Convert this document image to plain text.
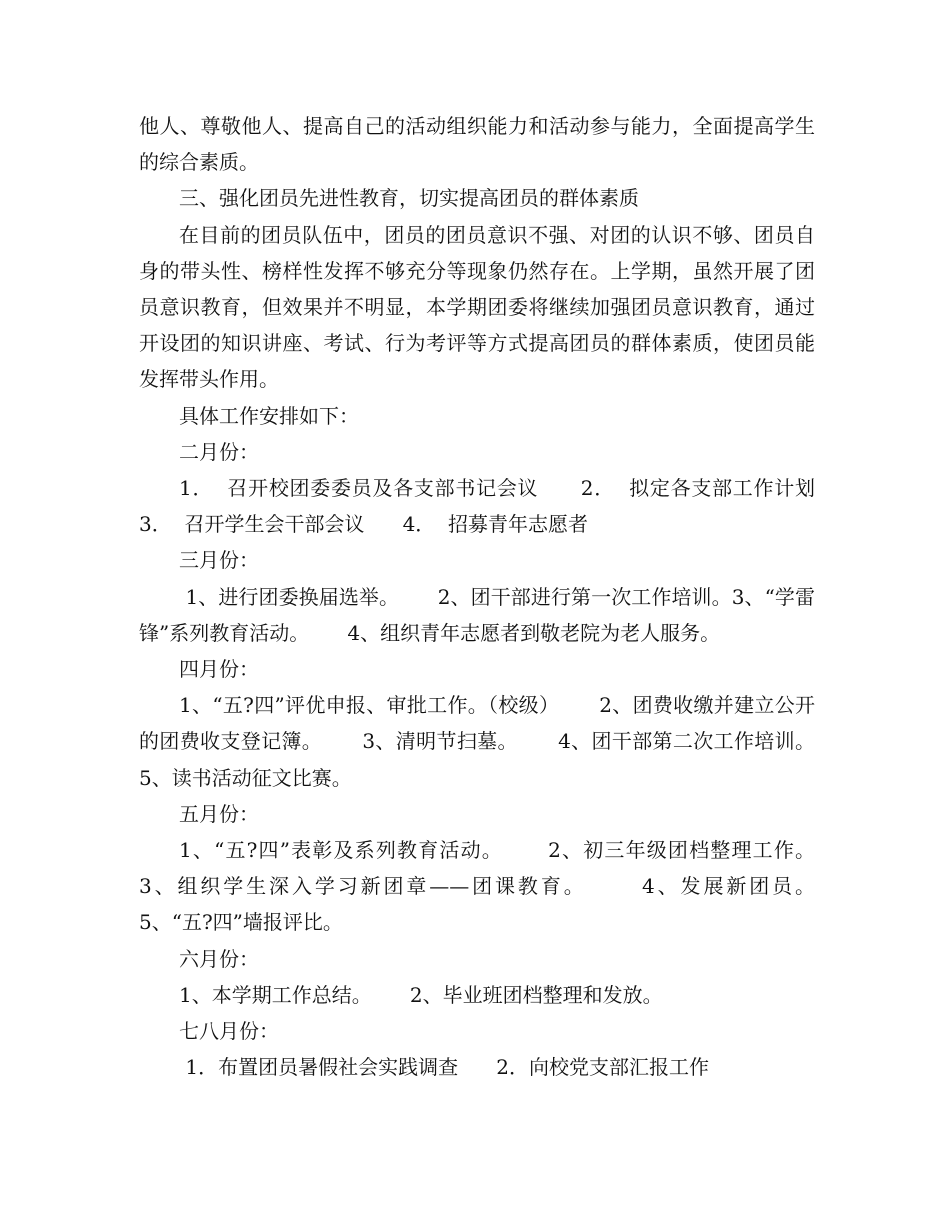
他人、尊敬他人、提高自己的活动组织能力和活动参与能力，全面提高学生的综合素质。

三、强化团员先进性教育，切实提高团员的群体素质

在目前的团员队伍中，团员的团员意识不强、对团的认识不够、团员自身的带头性、榜样性发挥不够充分等现象仍然存在。上学期，虽然开展了团员意识教育，但效果并不明显，本学期团委将继续加强团员意识教育，通过开设团的知识讲座、考试、行为考评等方式提高团员的群体素质，使团员能发挥带头作用。

具体工作安排如下：

二月份：

1．  召开校团委委员及各支部书记会议      2．  拟定各支部工作计划      3．  召开学生会干部会议      4．  招募青年志愿者

三月份：

1、进行团委换届选举。      2、团干部进行第一次工作培训。3、“学雷锋”系列教育活动。      4、组织青年志愿者到敬老院为老人服务。

四月份：

1、“五?四”评优申报、审批工作。（校级）      2、团费收缴并建立公开的团费收支登记簿。      3、清明节扫墓。      4、团干部第二次工作培训。      5、读书活动征文比赛。

五月份：

1、“五?四”表彰及系列教育活动。      2、初三年级团档整理工作。      3、组织学生深入学习新团章——团课教育。      4、发展新团员。      5、“五?四”墙报评比。

六月份：

1、本学期工作总结。      2、毕业班团档整理和发放。

七八月份：

1．布置团员暑假社会实践调查      2．向校党支部汇报工作
